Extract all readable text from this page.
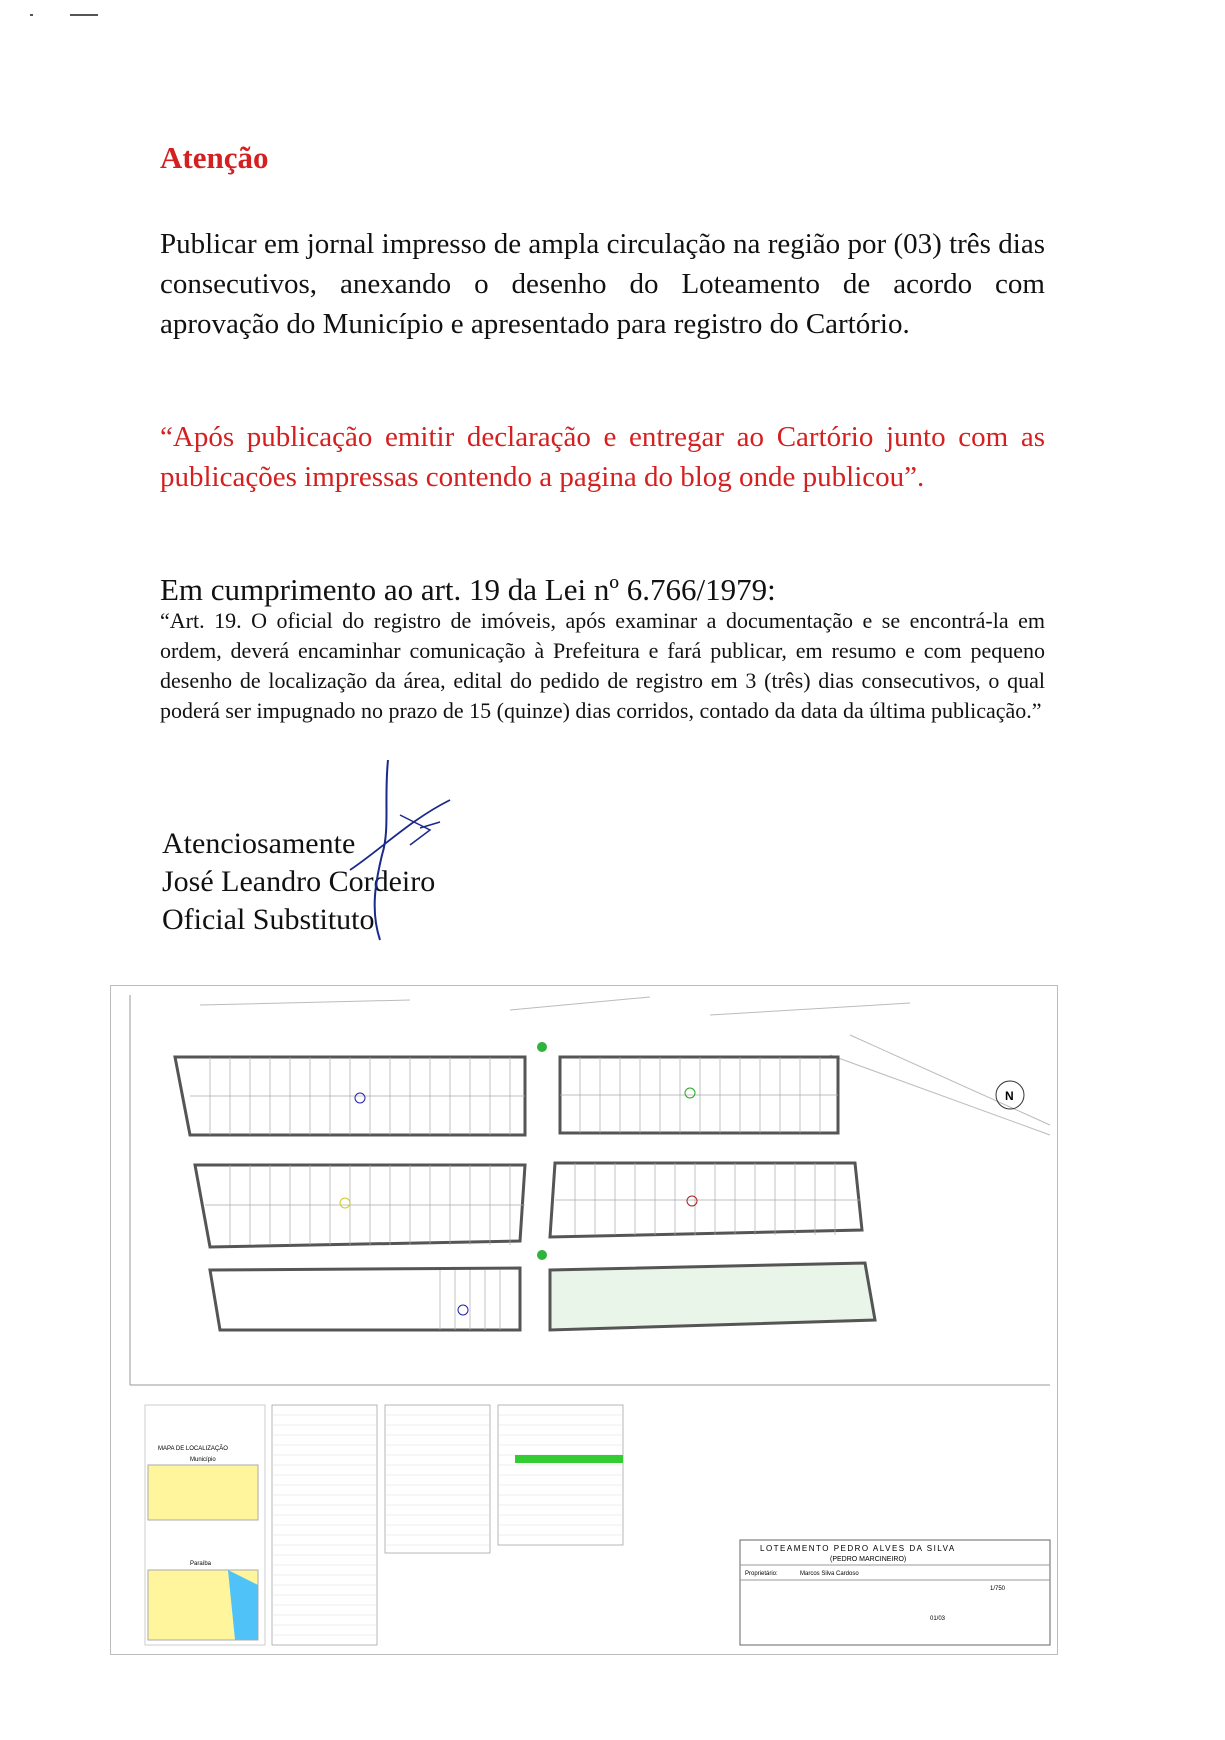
Atenção

Publicar em jornal impresso de ampla circulação na região por (03) três dias consecutivos, anexando o desenho do Loteamento de acordo com aprovação do Município e apresentado para registro do Cartório.

“Após publicação emitir declaração e entregar ao Cartório junto com as publicações impressas contendo a pagina do blog onde publicou”.

Em cumprimento ao art. 19 da Lei nº 6.766/1979:

“Art. 19. O oficial do registro de imóveis, após examinar a documentação e se encontrá-la em ordem, deverá encaminhar comunicação à Prefeitura e fará publicar, em resumo e com pequeno desenho de localização da área, edital do pedido de registro em 3 (três) dias consecutivos, o qual poderá ser impugnado no prazo de 15 (quinze) dias corridos, contado da data da última publicação.”

Atenciosamente

José Leandro Cordeiro

Oficial Substituto

N
MAPA DE LOCALIZAÇÃO
Município
Paraíba
LOTEAMENTO PEDRO ALVES DA SILVA
(PEDRO MARCINEIRO)
Proprietário:	Marcos Silva Cardoso
1/750
01/03
